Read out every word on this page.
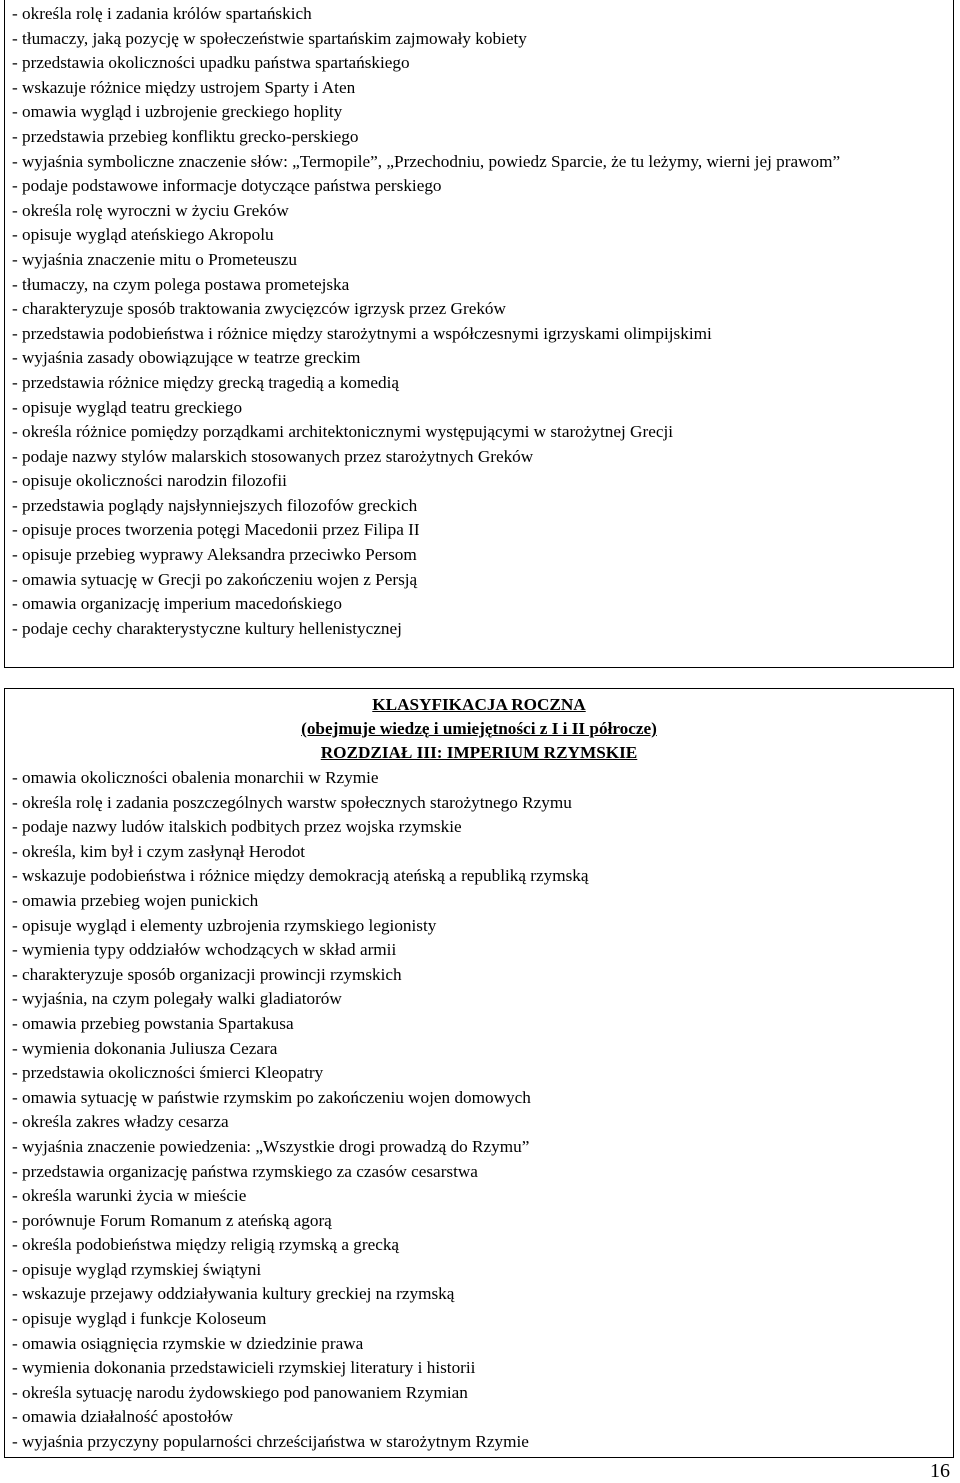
- określa rolę i zadania królów spartańskich
- tłumaczy, jaką pozycję w społeczeństwie spartańskim zajmowały kobiety
- przedstawia okoliczności upadku państwa spartańskiego
- wskazuje różnice między ustrojem Sparty i Aten
- omawia wygląd i uzbrojenie greckiego hoplity
- przedstawia przebieg konfliktu grecko-perskiego
- wyjaśnia symboliczne znaczenie słów: „Termopile”, „Przechodniu, powiedz Sparcie, że tu leżymy, wierni jej prawom”
- podaje podstawowe informacje dotyczące państwa perskiego
- określa rolę wyroczni w życiu Greków
- opisuje wygląd ateńskiego Akropolu
- wyjaśnia znaczenie mitu o Prometeuszu
- tłumaczy, na czym polega postawa prometejska
- charakteryzuje sposób traktowania zwycięzców igrzysk przez Greków
- przedstawia podobieństwa i różnice między starożytnymi a współczesnymi igrzyskami olimpijskimi
- wyjaśnia zasady obowiązujące w teatrze greckim
- przedstawia różnice między grecką tragedią a komedią
- opisuje wygląd teatru greckiego
- określa różnice pomiędzy porządkami architektonicznymi występującymi w starożytnej Grecji
- podaje nazwy stylów malarskich stosowanych przez starożytnych Greków
- opisuje okoliczności narodzin filozofii
- przedstawia poglądy najsłynniejszych filozofów greckich
- opisuje proces tworzenia potęgi Macedonii przez Filipa II
- opisuje przebieg wyprawy Aleksandra przeciwko Persom
- omawia sytuację w Grecji po zakończeniu wojen z Persją
- omawia organizację imperium macedońskiego
- podaje cechy charakterystyczne kultury hellenistycznej
KLASYFIKACJA ROCZNA
(obejmuje wiedzę i umiejętności z I i II półrocze)
ROZDZIAŁ III: IMPERIUM RZYMSKIE
- omawia okoliczności obalenia monarchii w Rzymie
- określa rolę i zadania poszczególnych warstw społecznych starożytnego Rzymu
- podaje nazwy ludów italskich podbitych przez wojska rzymskie
- określa, kim był i czym zasłynął Herodot
- wskazuje podobieństwa i różnice między demokracją ateńską a republiką rzymską
- omawia przebieg wojen punickich
- opisuje wygląd i elementy uzbrojenia rzymskiego legionisty
- wymienia typy oddziałów wchodzących w skład armii
- charakteryzuje sposób organizacji prowincji rzymskich
- wyjaśnia, na czym polegały walki gladiatorów
- omawia przebieg powstania Spartakusa
- wymienia dokonania Juliusza Cezara
- przedstawia okoliczności śmierci Kleopatry
- omawia sytuację w państwie rzymskim po zakończeniu wojen domowych
- określa zakres władzy cesarza
- wyjaśnia znaczenie powiedzenia: „Wszystkie drogi prowadzą do Rzymu”
- przedstawia organizację państwa rzymskiego za czasów cesarstwa
- określa warunki życia w mieście
- porównuje Forum Romanum z ateńską agorą
- określa podobieństwa między religią rzymską a grecką
- opisuje wygląd rzymskiej świątyni
- wskazuje przejawy oddziaływania kultury greckiej na rzymską
- opisuje wygląd i funkcje Koloseum
- omawia osiągnięcia rzymskie w dziedzinie prawa
- wymienia dokonania przedstawicieli rzymskiej literatury i historii
- określa sytuację narodu żydowskiego pod panowaniem Rzymian
- omawia działalność apostołów
- wyjaśnia przyczyny popularności chrześcijaństwa w starożytnym Rzymie
16
